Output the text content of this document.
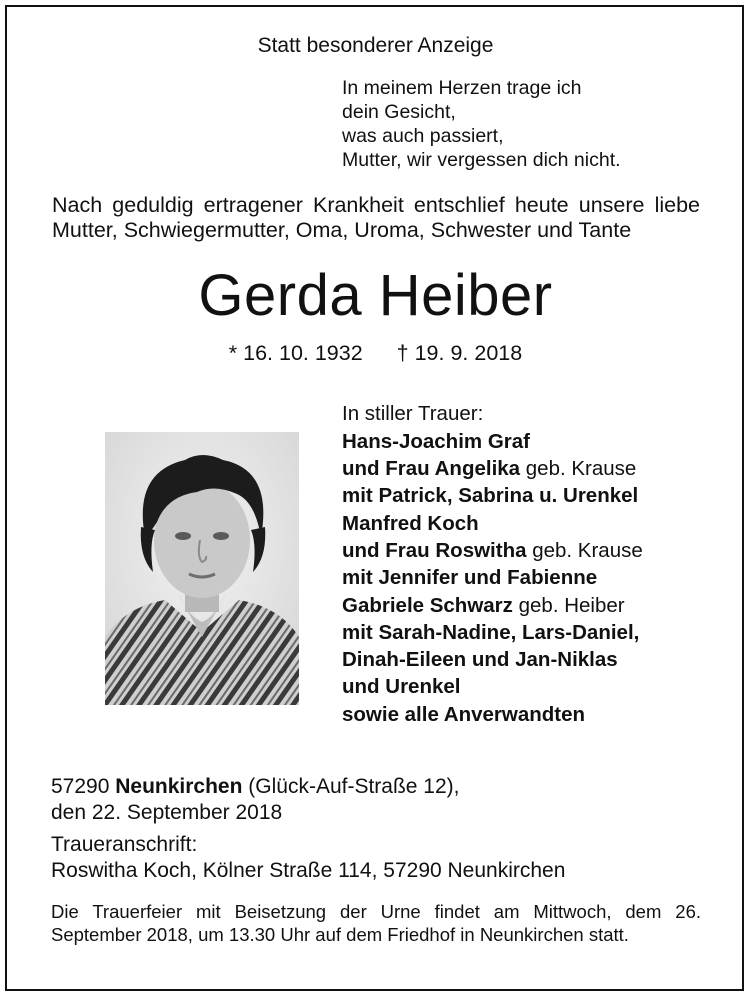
Statt besonderer Anzeige

In meinem Herzen trage ich
dein Gesicht,
was auch passiert,
Mutter, wir vergessen dich nicht.

Nach geduldig ertragener Krankheit entschlief heute unsere liebe Mutter, Schwiegermutter, Oma, Uroma, Schwester und Tante

Gerda Heiber

* 16. 10. 1932 † 19. 9. 2018

In stiller Trauer:
Hans-Joachim Graf
und Frau Angelika geb. Krause
mit Patrick, Sabrina u. Urenkel
Manfred Koch
und Frau Roswitha geb. Krause
mit Jennifer und Fabienne
Gabriele Schwarz geb. Heiber
mit Sarah-Nadine, Lars-Daniel,
Dinah-Eileen und Jan-Niklas
und Urenkel
sowie alle Anverwandten
57290 Neunkirchen (Glück-Auf-Straße 12),
den 22. September 2018
Traueranschrift:
Roswitha Koch, Kölner Straße 114, 57290 Neunkirchen

Die Trauerfeier mit Beisetzung der Urne findet am Mittwoch, dem 26. September 2018, um 13.30 Uhr auf dem Friedhof in Neunkirchen statt.
